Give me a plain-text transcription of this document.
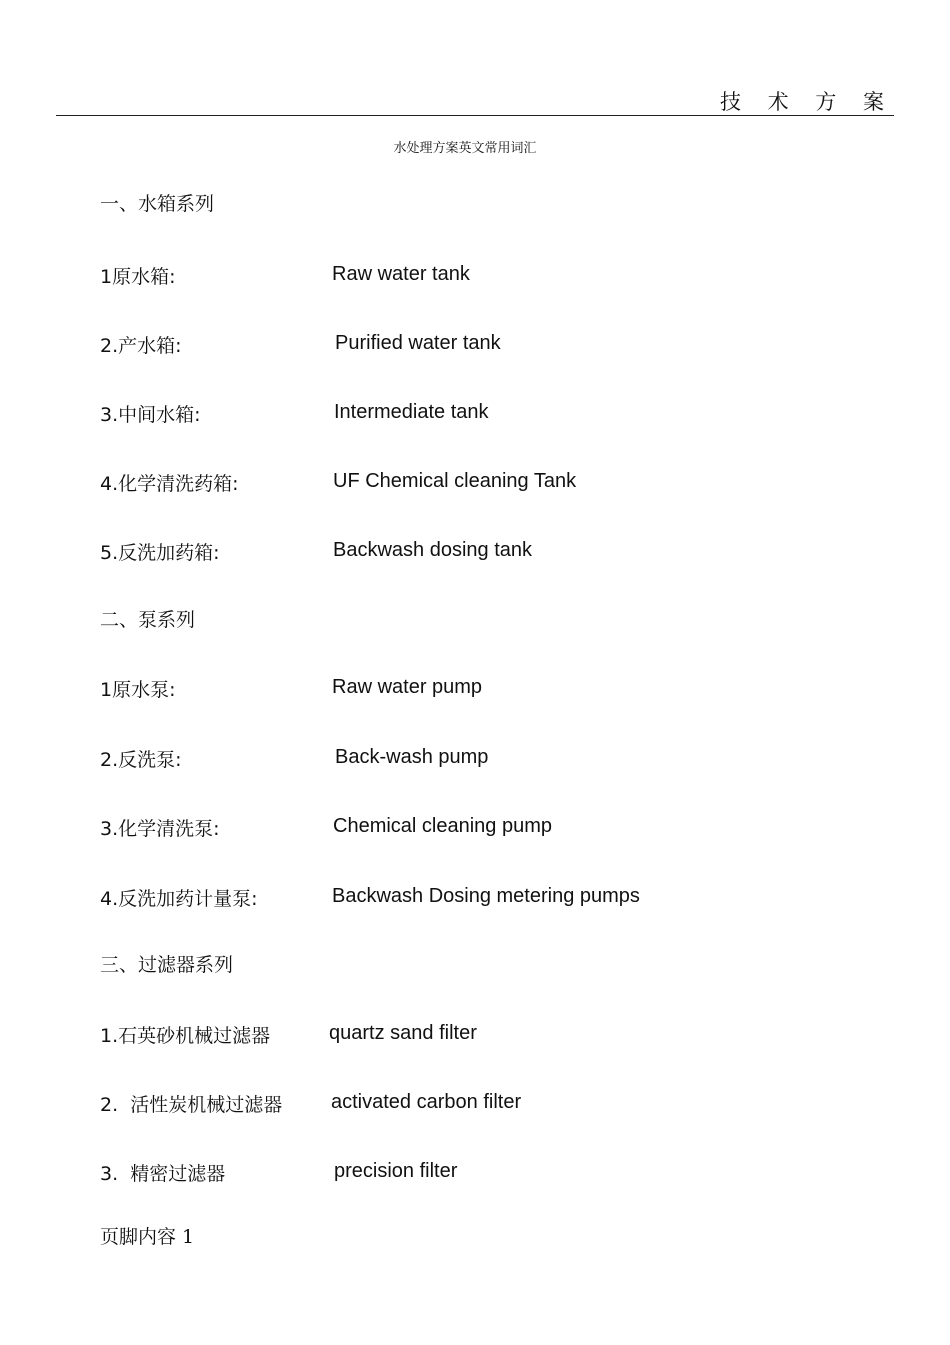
技 术 方 案
水处理方案英文常用词汇
一、水箱系列
1原水箱:	Raw water tank
2.产水箱:	Purified water tank
3.中间水箱:	Intermediate tank
4.化学清洗药箱:	UF Chemical cleaning Tank
5.反洗加药箱:	Backwash dosing tank
二、泵系列
1原水泵:	Raw water pump
2.反洗泵:	Back-wash pump
3.化学清洗泵:	Chemical cleaning pump
4.反洗加药计量泵:	Backwash Dosing metering pumps
三、过滤器系列
1.石英砂机械过滤器	quartz sand filter
2.  活性炭机械过滤器 activated carbon filter
3.  精密过滤器	precision filter
页脚内容 1
